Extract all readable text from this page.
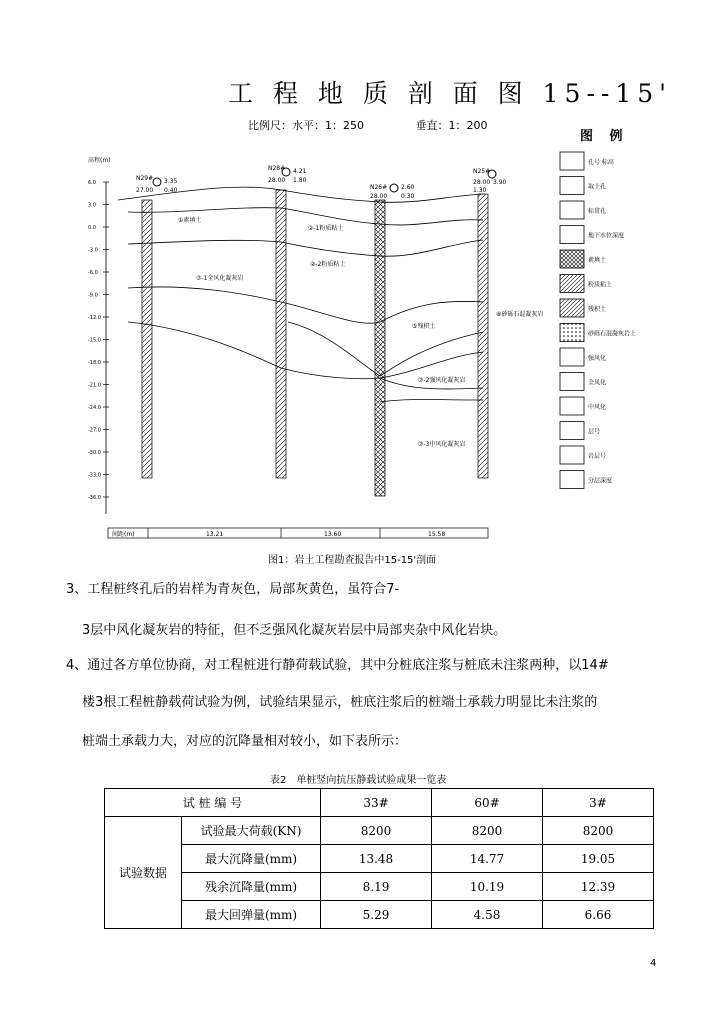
工 程 地 质 剖 面 图 15--15'
比例尺：水平：1：250	垂直：1：200
图 例
高程(m)
6.0
3.0
0.0
-3.0
-6.0
-9.0
-12.0
-15.0
-18.0
-21.0
-24.0
-27.0
-30.0
-33.0
-36.0
N29# 3.35
27.00 0.40
N28# 4.21
28.00 1.80
N26# 2.60
28.00 0.30
N25#
3.90
28.00
1.30
①素填土
②-1粉质粘土
②-2粉质粘土
⑦-1全风化凝灰岩
⑦-2强风化凝灰岩
⑦-3中风化凝灰岩
⑤残积土
⑧砂砾石混凝灰岩
间距(m)	13.21	13.60	15.58
孔号 标高
取土孔
标贯孔
地下水位深度
素填土
粉质粘土
残积土
砂砾石混凝灰岩土
强风化
全风化
中风化
层号
岩层号
分层深度
图1：岩土工程勘查报告中15-15'剖面
3、工程桩终孔后的岩样为青灰色，局部灰黄色，虽符合7-
3层中风化凝灰岩的特征，但不乏强风化凝灰岩层中局部夹杂中风化岩块。
4、通过各方单位协商，对工程桩进行静荷载试验，其中分桩底注浆与桩底未注浆两种，以14#
楼3根工程桩静载荷试验为例，试验结果显示，桩底注浆后的桩端土承载力明显比未注浆的
桩端土承载力大，对应的沉降量相对较小，如下表所示：
表2　单桩竖向抗压静载试验成果一览表
试 桩 编 号		33#	60#	3#
试验数据	试验最大荷载(KN)	8200	8200	8200
	最大沉降量(mm)	13.48	14.77	19.05
	残余沉降量(mm)	8.19	10.19	12.39
	最大回弹量(mm)	5.29	4.58	6.66
4
